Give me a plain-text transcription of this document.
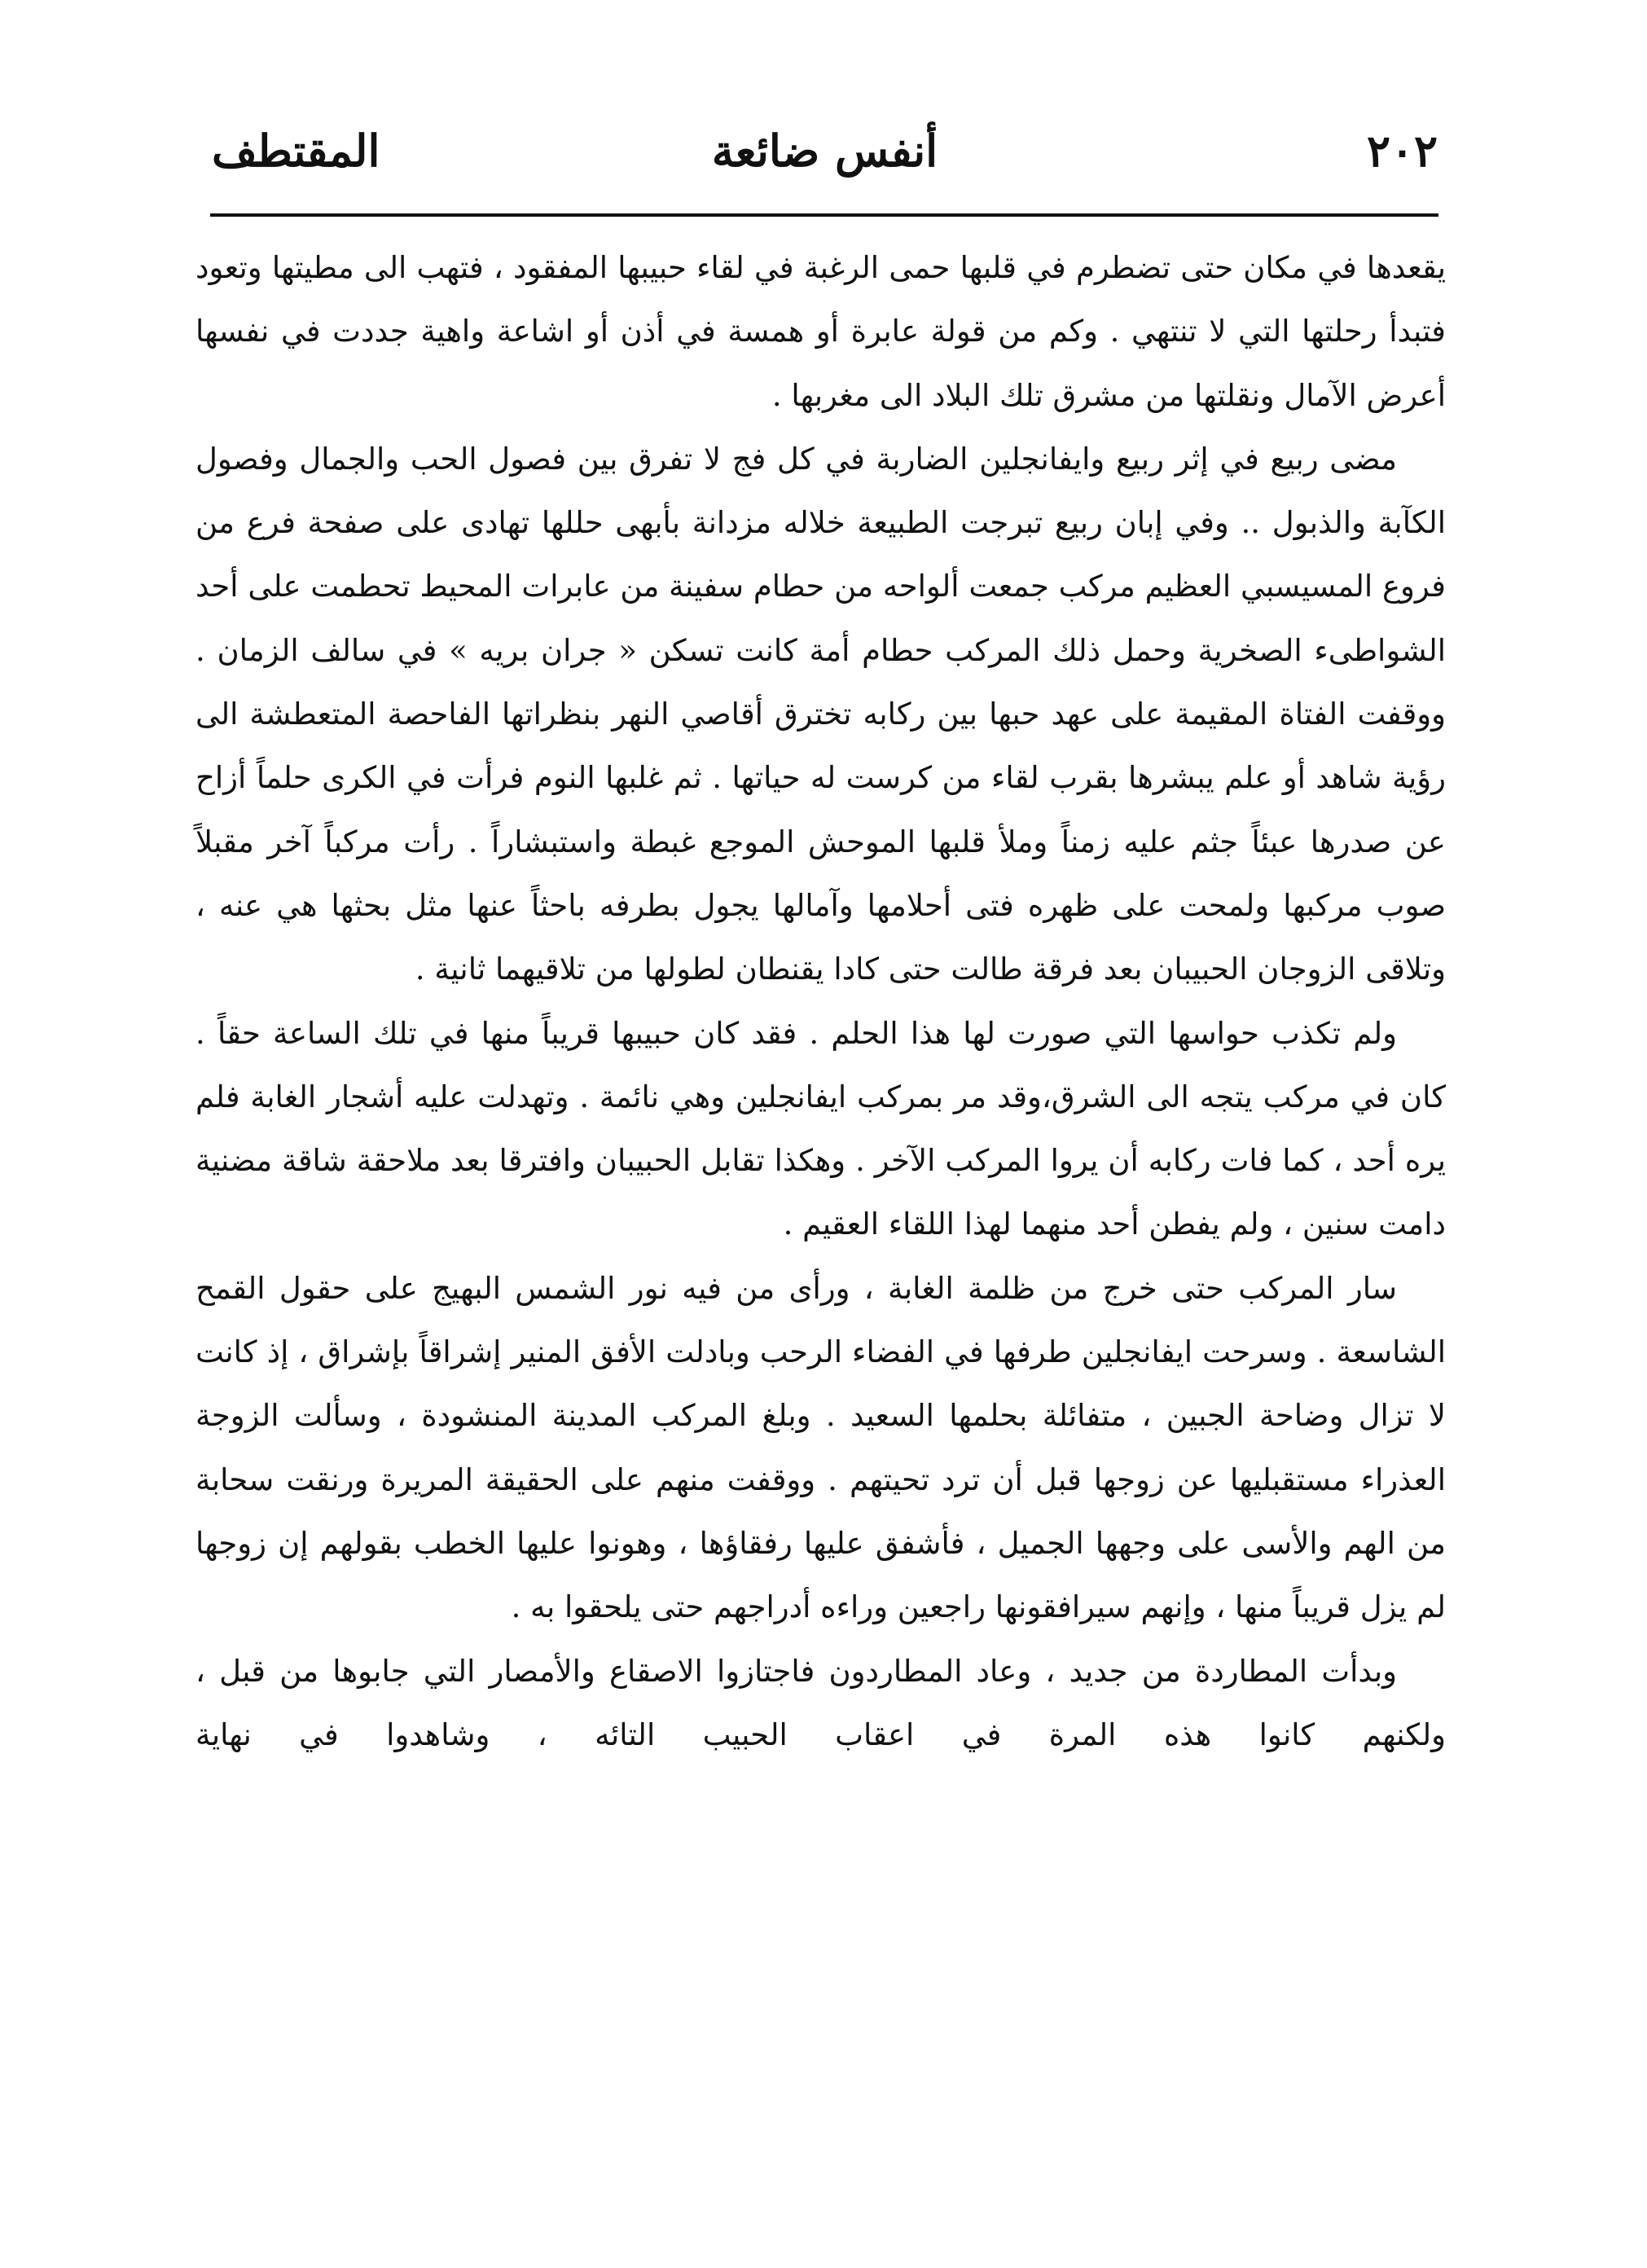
٢٠٢
أنفس ضائعة
المقتطف

يقعدها في مكان حتى تضطرم في قلبها حمى الرغبة في لقاء حبيبها المفقود ، فتهب الى مطيتها وتعود فتبدأ رحلتها التي لا تنتهي . وكم من قولة عابرة أو همسة في أذن أو اشاعة واهية جددت في نفسها أعرض الآمال ونقلتها من مشرق تلك البلاد الى مغربها .

مضى ربيع في إثر ربيع وايفانجلين الضاربة في كل فج لا تفرق بين فصول الحب والجمال وفصول الكآبة والذبول .. وفي إبان ربيع تبرجت الطبيعة خلاله مزدانة بأبهى حللها تهادى على صفحة فرع من فروع المسيسبي العظيم مركب جمعت ألواحه من حطام سفينة من عابرات المحيط تحطمت على أحد الشواطىء الصخرية وحمل ذلك المركب حطام أمة كانت تسكن « جران بريه » في سالف الزمان . ووقفت الفتاة المقيمة على عهد حبها بين ركابه تخترق أقاصي النهر بنظراتها الفاحصة المتعطشة الى رؤية شاهد أو علم يبشرها بقرب لقاء من كرست له حياتها . ثم غلبها النوم فرأت في الكرى حلماً أزاح عن صدرها عبئاً جثم عليه زمناً وملأ قلبها الموحش الموجع غبطة واستبشاراً . رأت مركباً آخر مقبلاً صوب مركبها ولمحت على ظهره فتى أحلامها وآمالها يجول بطرفه باحثاً عنها مثل بحثها هي عنه ، وتلاقى الزوجان الحبيبان بعد فرقة طالت حتى كادا يقنطان لطولها من تلاقيهما ثانية .

ولم تكذب حواسها التي صورت لها هذا الحلم . فقد كان حبيبها قريباً منها في تلك الساعة حقاً . كان في مركب يتجه الى الشرق،وقد مر بمركب ايفانجلين وهي نائمة . وتهدلت عليه أشجار الغابة فلم يره أحد ، كما فات ركابه أن يروا المركب الآخر . وهكذا تقابل الحبيبان وافترقا بعد ملاحقة شاقة مضنية دامت سنين ، ولم يفطن أحد منهما لهذا اللقاء العقيم .

سار المركب حتى خرج من ظلمة الغابة ، ورأى من فيه نور الشمس البهيج على حقول القمح الشاسعة . وسرحت ايفانجلين طرفها في الفضاء الرحب وبادلت الأفق المنير إشراقاً بإشراق ، إذ كانت لا تزال وضاحة الجبين ، متفائلة بحلمها السعيد . وبلغ المركب المدينة المنشودة ، وسألت الزوجة العذراء مستقبليها عن زوجها قبل أن ترد تحيتهم . ووقفت منهم على الحقيقة المريرة ورنقت سحابة من الهم والأسى على وجهها الجميل ، فأشفق عليها رفقاؤها ، وهونوا عليها الخطب بقولهم إن زوجها لم يزل قريباً منها ، وإنهم سيرافقونها راجعين وراءه أدراجهم حتى يلحقوا به .

وبدأت المطاردة من جديد ، وعاد المطاردون فاجتازوا الاصقاع والأمصار التي جابوها من قبل ، ولكنهم كانوا هذه المرة في اعقاب الحبيب التائه ، وشاهدوا في نهاية
